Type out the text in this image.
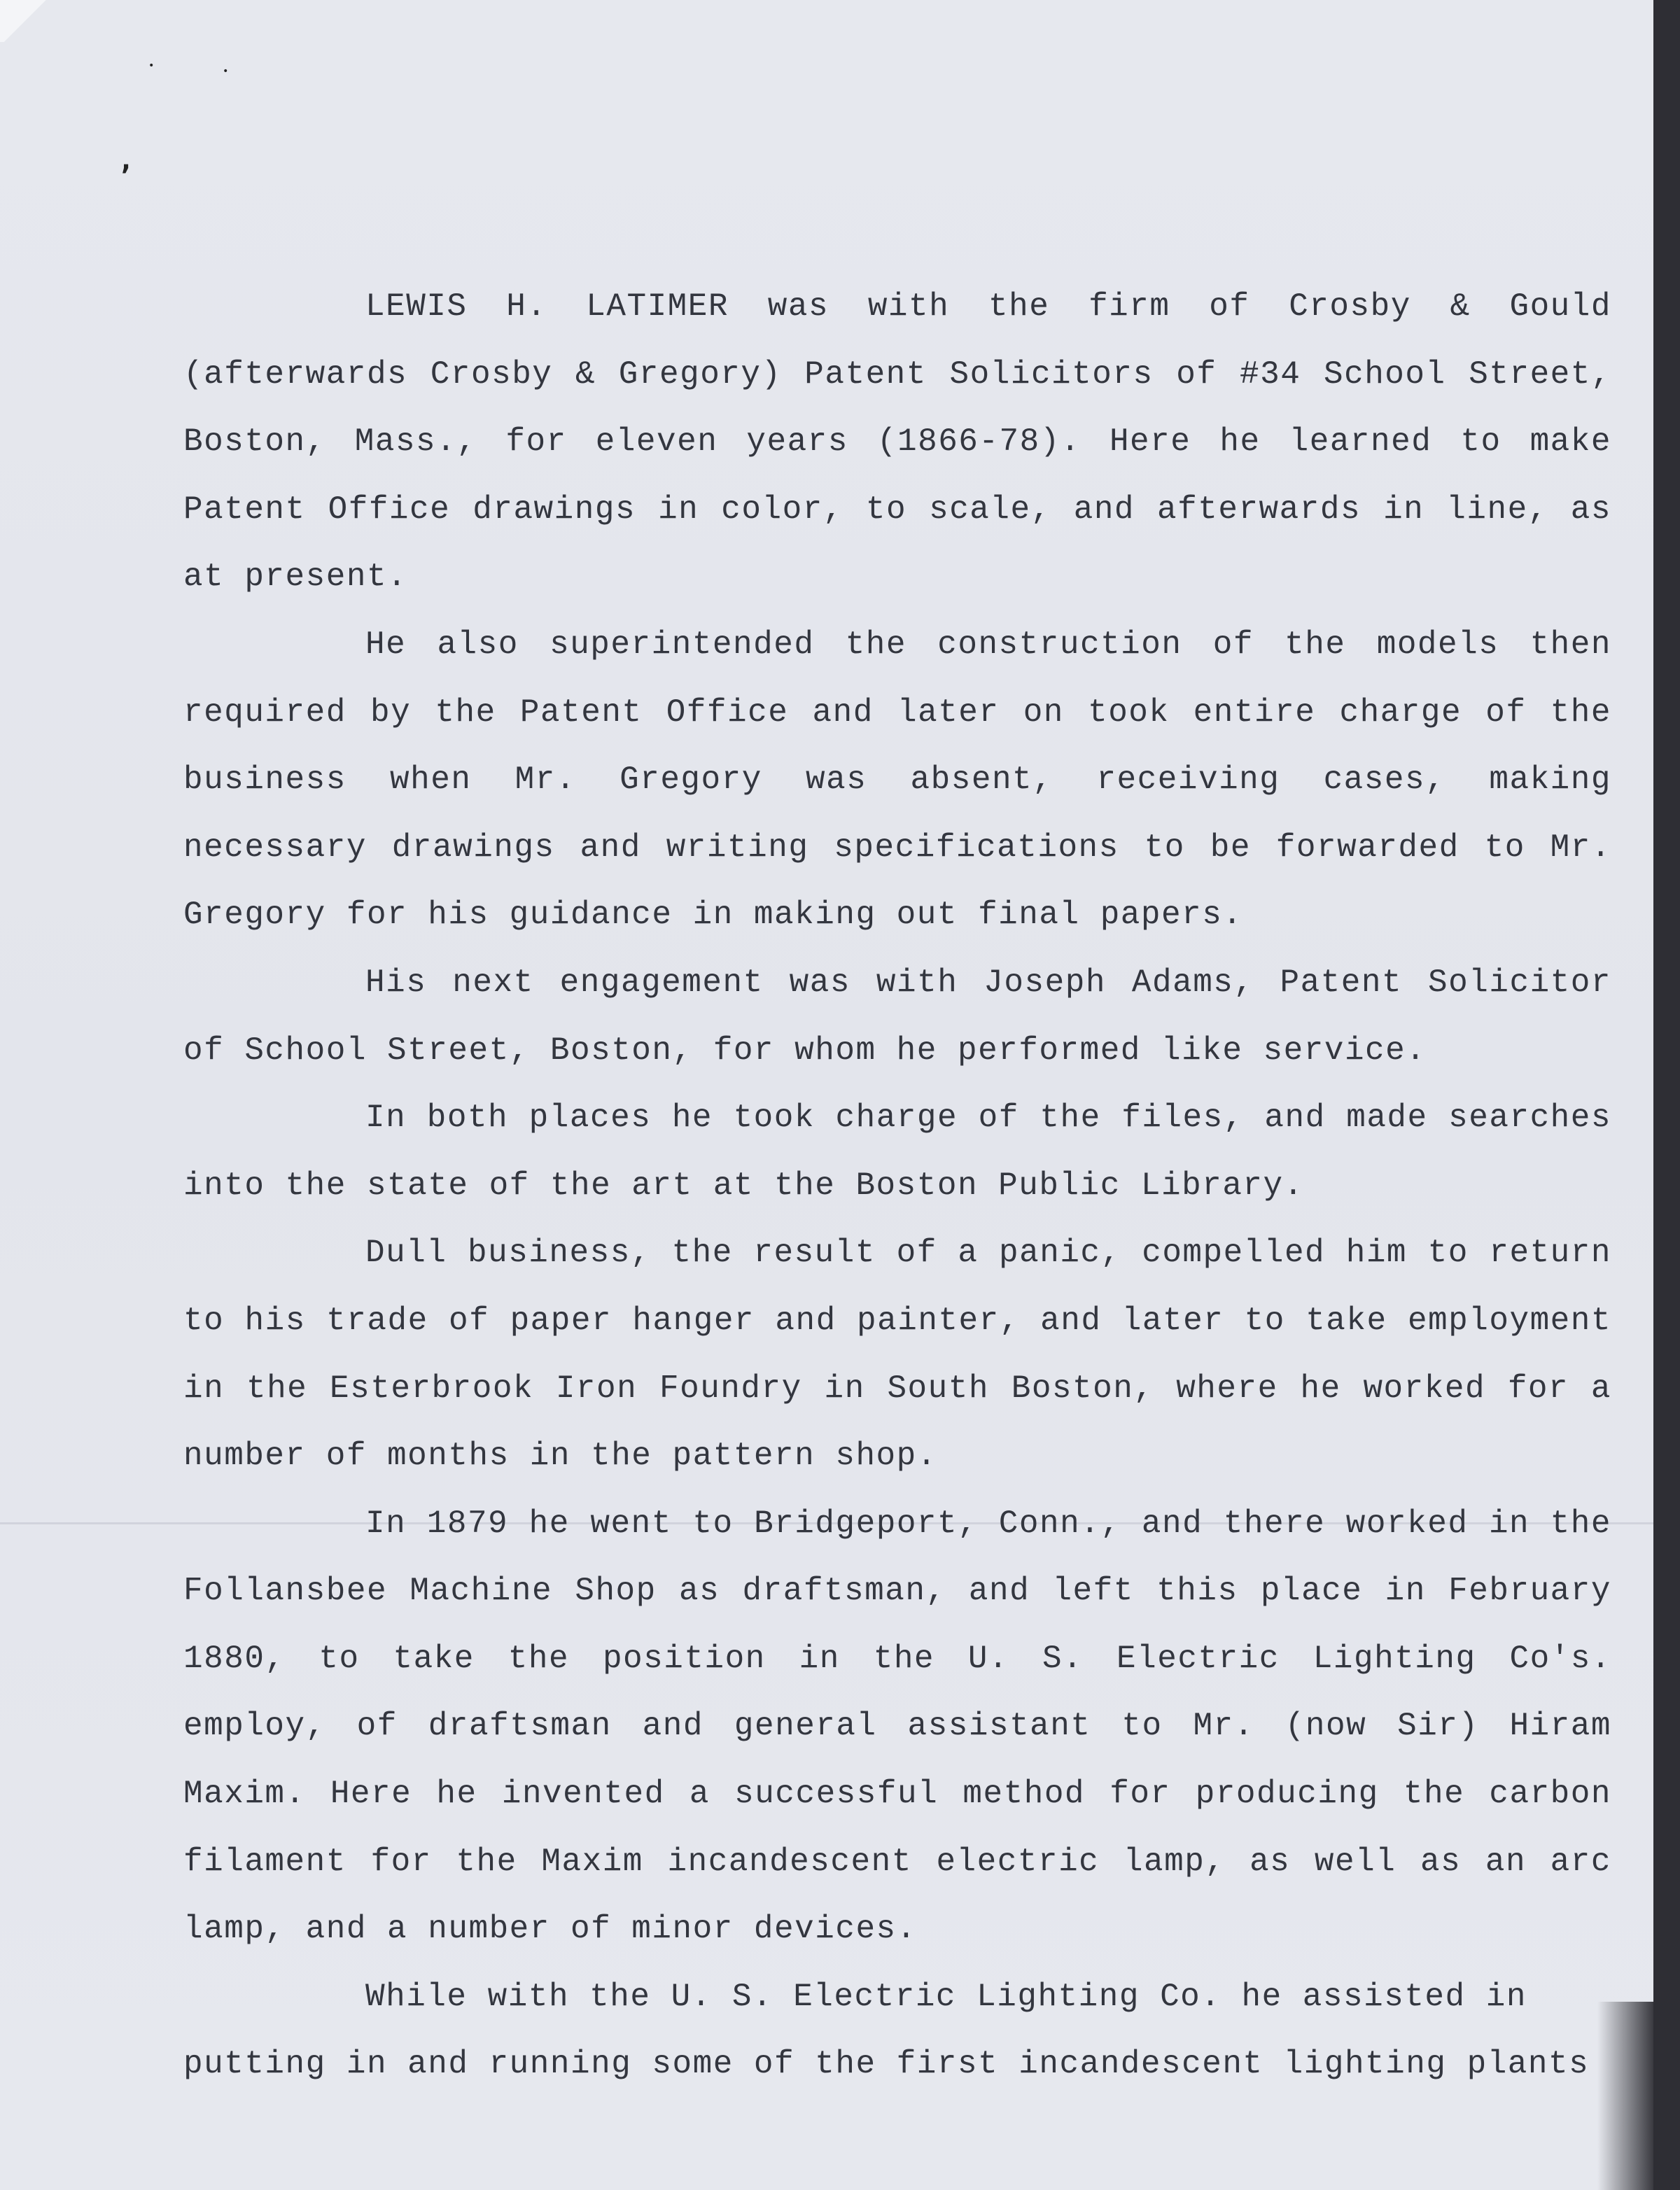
•	•
,

LEWIS H. LATIMER was with the firm of Crosby & Gould (afterwards Crosby & Gregory) Patent Solicitors of #34 School Street, Boston, Mass., for eleven years (1866-78). Here he learned to make Patent Office drawings in color, to scale, and afterwards in line, as at present.

He also superintended the construction of the models then required by the Patent Office and later on took entire charge of the business when Mr. Gregory was absent, receiving cases, making necessary drawings and writing specifications to be forwarded to Mr. Gregory for his guidance in making out final papers.

His next engagement was with Joseph Adams, Patent Solicitor of School Street, Boston, for whom he performed like service.

In both places he took charge of the files, and made searches into the state of the art at the Boston Public Library.

Dull business, the result of a panic, compelled him to return to his trade of paper hanger and painter, and later to take employment in the Esterbrook Iron Foundry in South Boston, where he worked for a number of months in the pattern shop.

In 1879 he went to Bridgeport, Conn., and there worked in the Follansbee Machine Shop as draftsman, and left this place in February 1880, to take the position in the U. S. Electric Lighting Co's. employ, of draftsman and general assistant to Mr. (now Sir) Hiram Maxim. Here he invented a successful method for producing the carbon filament for the Maxim incandescent electric lamp, as well as an arc lamp, and a number of minor devices.

While with the U. S. Electric Lighting Co. he assisted in putting in and running some of the first incandescent lighting plants
